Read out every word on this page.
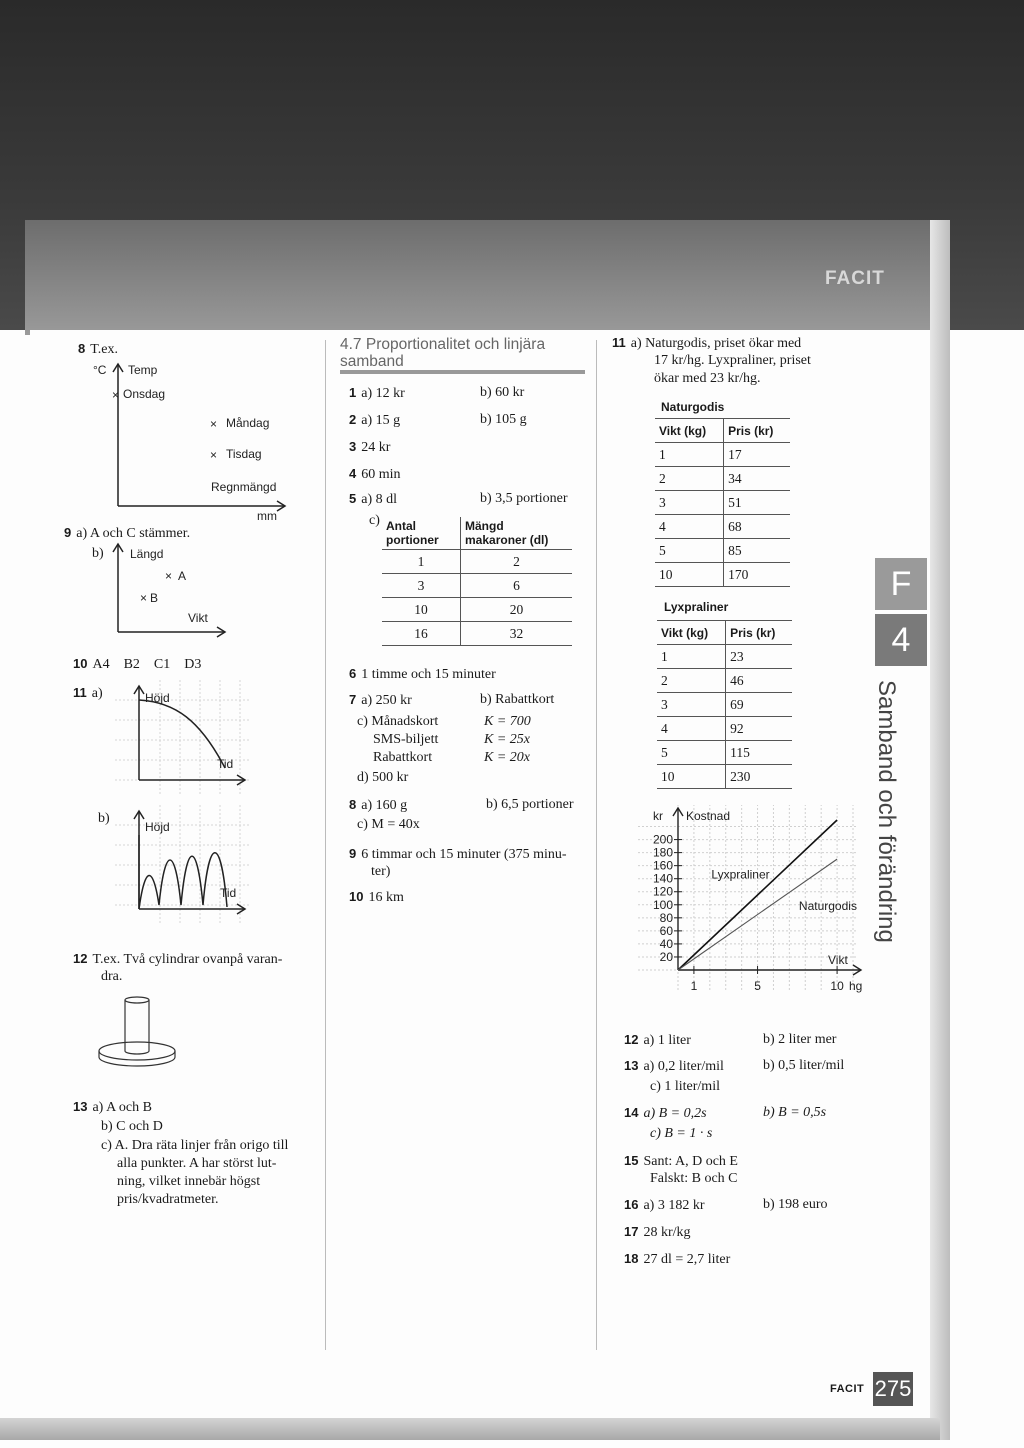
FACIT
8 T.ex.
°C Temp
Onsdag
×
× Måndag
× Tisdag
Regnmängd
mm
9 a) A och C stämmer.
b) Längd
× A
× B
Vikt
10 A4    B2    C1    D3
11 a)	Höjd
Tid
b)
Höjd
Tid
12 T.ex. Två cylindrar ovanpå varan-
dra.
13 a) A och B
b) C och D
c) A. Dra räta linjer från origo till
alla punkter. A har störst lut-
ning, vilket innebär högst
pris/kvadratmeter.
4.7 Proportionalitet och linjära
samband
1 a) 12 kr	b) 60 kr
2 a) 15 g	b) 105 g
3 24 kr
4 60 min
5 a) 8 dl	b) 3,5 portioner
c) Antal portioner	Mängd makaroner (dl)
1	2
3	6
10	20
16	32
6 1 timme och 15 minuter
7 a) 250 kr	b) Rabattkort
c) Månadskort	K = 700
SMS-biljett	K = 25x
Rabattkort	K = 20x
d) 500 kr
8 a) 160 g	b) 6,5 portioner
c) M = 40x
9 6 timmar och 15 minuter (375 minu-
ter)
10 16 km
11 a) Naturgodis, priset ökar med
17 kr/hg. Lyxpraliner, priset
ökar med 23 kr/hg.
Naturgodis
Vikt (kg)	Pris (kr)
1	17
2	34
3	51
4	68
5	85
10	170
Lyxpraliner
Vikt (kg)	Pris (kr)
1	23
2	46
3	69
4	92
5	115
10	230
20
40
60
80
100
120
140
160
180
200
1	5	10
kr Kostnad
Vikt
hg
Lyxpraliner
Naturgodis
12 a) 1 liter	b) 2 liter mer
13 a) 0,2 liter/mil	b) 0,5 liter/mil
c) 1 liter/mil
14 a) B = 0,2s	b) B = 0,5s
c) B = 1 · s
15 Sant: A, D och E
Falskt: B och C
16 a) 3 182 kr	b) 198 euro
17 28 kr/kg
18 27 dl = 2,7 liter
F
4
Samband och förändring
FACIT 275
